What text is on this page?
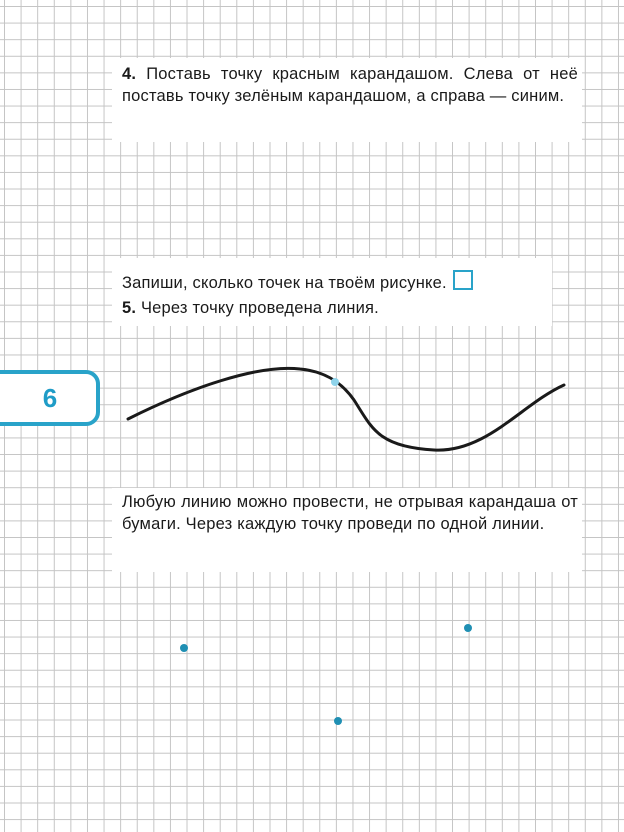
4. Поставь точку красным карандашом. Слева от неё поставь точку зелёным карандашом, а справа — синим.

Запиши, сколько точек на твоём рисунке.

5. Через точку проведена линия.

Любую линию можно провести, не отрывая карандаша от бумаги. Через каждую точку проведи по одной линии.

6
